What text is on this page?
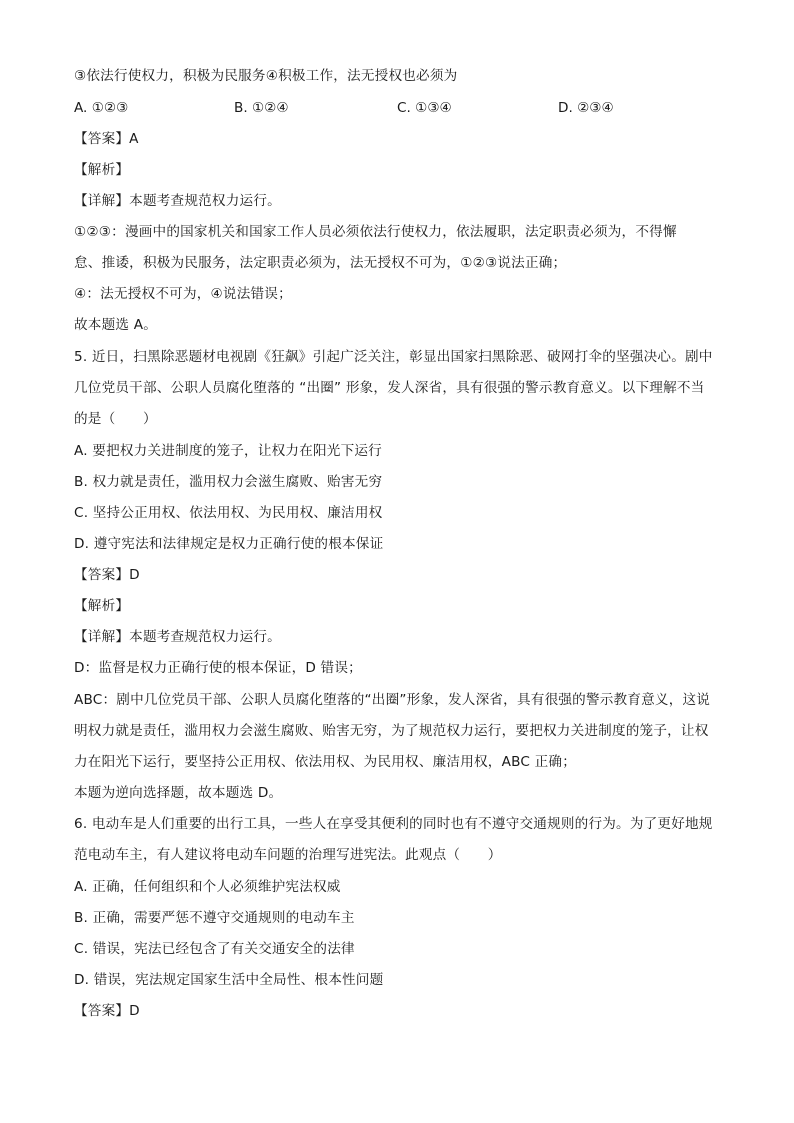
③依法行使权力，积极为民服务④积极工作，法无授权也必须为
A. ①②③	B. ①②④	C. ①③④	D. ②③④
【答案】A
【解析】
【详解】本题考查规范权力运行。
①②③：漫画中的国家机关和国家工作人员必须依法行使权力，依法履职，法定职责必须为，不得懈
怠、推诿，积极为民服务，法定职责必须为，法无授权不可为，①②③说法正确；
④：法无授权不可为，④说法错误；
故本题选 A。
5. 近日，扫黑除恶题材电视剧《狂飙》引起广泛关注，彰显出国家扫黑除恶、破网打伞的坚强决心。剧中
几位党员干部、公职人员腐化堕落的 “出圈” 形象，发人深省，具有很强的警示教育意义。以下理解不当
的是（　　）
A. 要把权力关进制度的笼子，让权力在阳光下运行
B. 权力就是责任，滥用权力会滋生腐败、贻害无穷
C. 坚持公正用权、依法用权、为民用权、廉洁用权
D. 遵守宪法和法律规定是权力正确行使的根本保证
【答案】D
【解析】
【详解】本题考查规范权力运行。
D：监督是权力正确行使的根本保证，D 错误；
ABC：剧中几位党员干部、公职人员腐化堕落的“出圈”形象，发人深省，具有很强的警示教育意义，这说
明权力就是责任，滥用权力会滋生腐败、贻害无穷，为了规范权力运行，要把权力关进制度的笼子，让权
力在阳光下运行，要坚持公正用权、依法用权、为民用权、廉洁用权，ABC 正确；
本题为逆向选择题，故本题选 D。
6. 电动车是人们重要的出行工具，一些人在享受其便利的同时也有不遵守交通规则的行为。为了更好地规
范电动车主，有人建议将电动车问题的治理写进宪法。此观点（　　）
A. 正确，任何组织和个人必须维护宪法权威
B. 正确，需要严惩不遵守交通规则的电动车主
C. 错误，宪法已经包含了有关交通安全的法律
D. 错误，宪法规定国家生活中全局性、根本性问题
【答案】D
